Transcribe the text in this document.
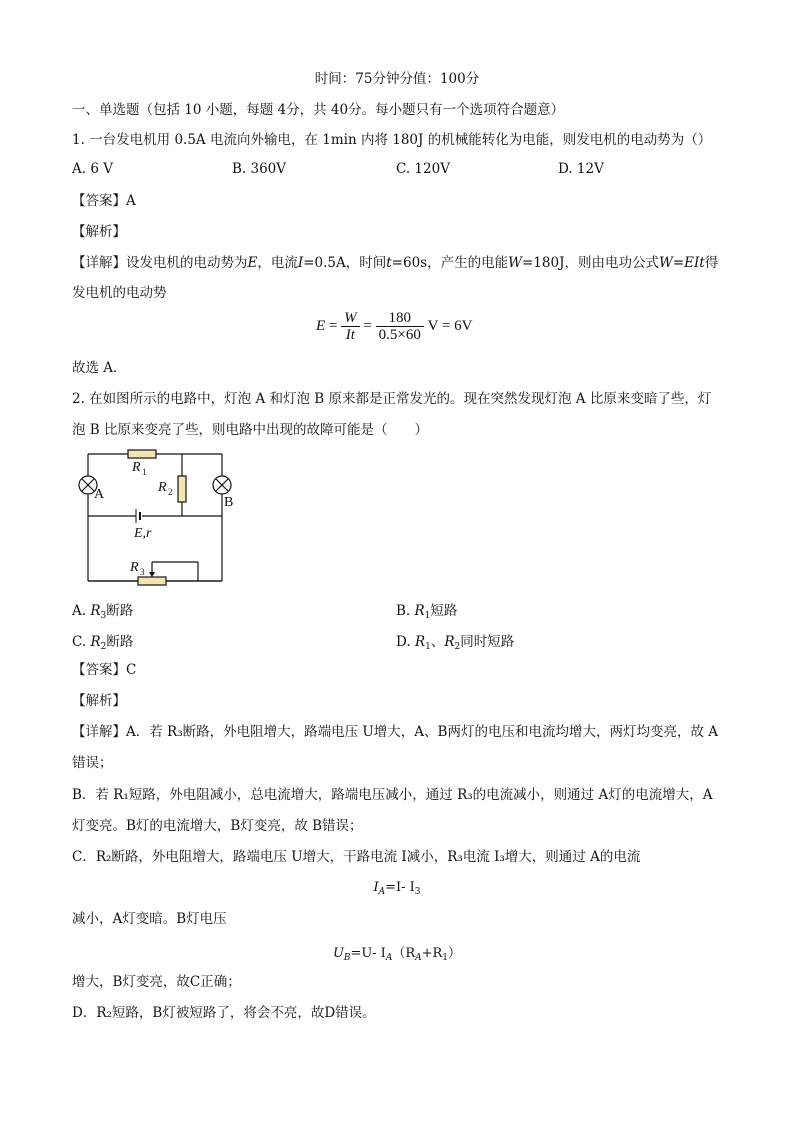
时间：75分钟分值：100分
一、单选题（包括 10 小题，每题 4分，共 40分。每小题只有一个选项符合题意）
1. 一台发电机用 0.5A 电流向外输电，在 1min 内将 180J 的机械能转化为电能，则发电机的电动势为（）
A. 6 V	B. 360V	C. 120V	D. 12V
【答案】A
【解析】
【详解】设发电机的电动势为E，电流I=0.5A，时间t=60s，产生的电能W=180J，则由电功公式W=EIt得
发电机的电动势
$E = \frac{W}{It} = \frac{180}{0.5\times 60}$ V = 6V
故选 A．
2. 在如图所示的电路中，灯泡 A 和灯泡 B 原来都是正常发光的。现在突然发现灯泡 A 比原来变暗了些，灯
泡 B 比原来变亮了些，则电路中出现的故障可能是（　　）
R 1
R 2
R 3
A
B
E,r
A. $R_3$断路	B. $R_1$短路
C. $R_2$断路	D. $R_1$、$R_2$同时短路
【答案】C
【解析】
【详解】A．若 R₃断路，外电阻增大，路端电压 U增大，A、B两灯的电压和电流均增大，两灯均变亮，故 A
错误；
B．若 R₁短路，外电阻减小，总电流增大，路端电压减小，通过 R₃的电流减小，则通过 A灯的电流增大，A
灯变亮。B灯的电流增大，B灯变亮，故 B错误；
C．R₂断路，外电阻增大，路端电压 U增大，干路电流 I减小，R₃电流 I₃增大，则通过 A的电流
$I_A=I-$ $I_3$
减小，A灯变暗。B灯电压
$U_B=U-$ $I_A(R_A+R_1)$
增大，B灯变亮，故C正确；
D．R₂短路，B灯被短路了，将会不亮，故D错误。
